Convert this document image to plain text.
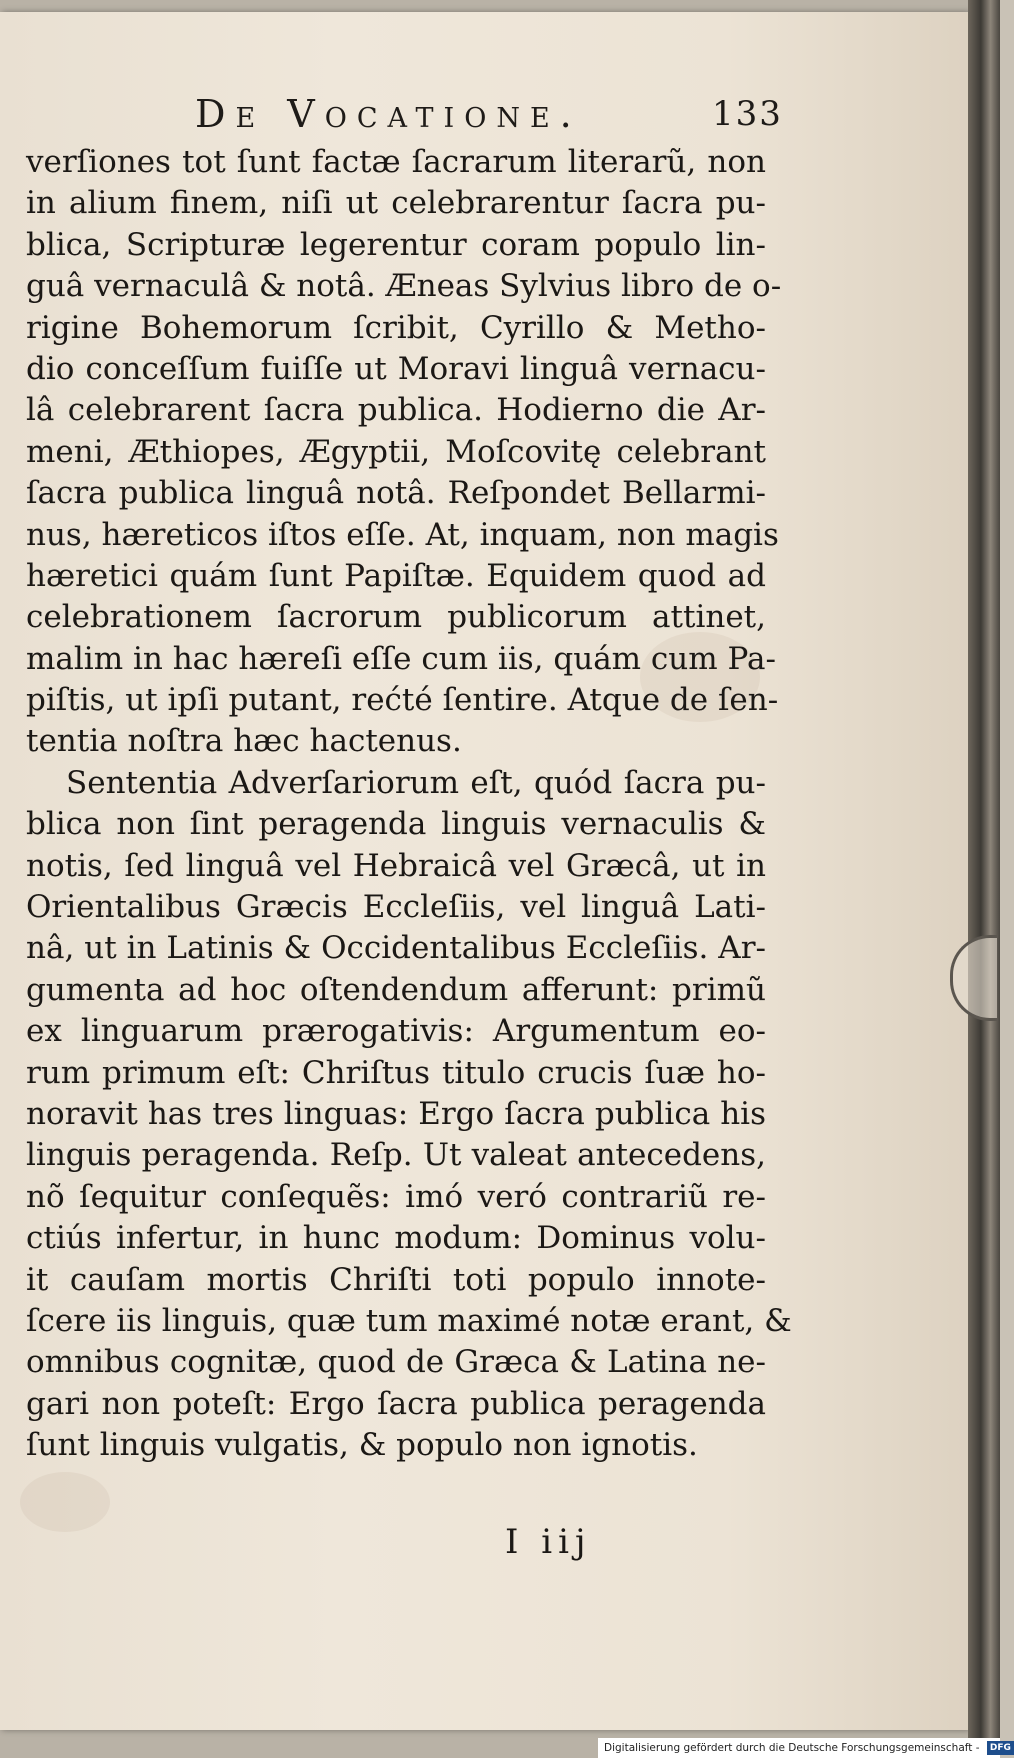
De Vocatione.	133
verſiones tot ſunt factæ ſacrarum literarũ, non
in alium finem, niſi ut celebrarentur ſacra pu-
blica, Scripturæ legerentur coram populo lin-
guâ vernaculâ & notâ. Æneas Sylvius libro de o-
rigine Bohemorum ſcribit, Cyrillo & Metho-
dio conceſſum fuiſſe ut Moravi linguâ vernacu-
lâ celebrarent ſacra publica. Hodierno die Ar-
meni, Æthiopes, Ægyptii, Moſcovitę celebrant
ſacra publica linguâ notâ. Reſpondet Bellarmi-
nus, hæreticos iſtos eſſe. At, inquam, non magis
hæretici quám ſunt Papiſtæ. Equidem quod ad
celebrationem ſacrorum publicorum attinet,
malim in hac hæreſi eſſe cum iis, quám cum Pa-
piſtis, ut ipſi putant, rećté ſentire. Atque de ſen-
tentia noſtra hæc hactenus.
Sententia Adverſariorum eſt, quód ſacra pu-
blica non ſint peragenda linguis vernaculis &
notis, ſed linguâ vel Hebraicâ vel Græcâ, ut in
Orientalibus Græcis Eccleſiis, vel linguâ Lati-
nâ, ut in Latinis & Occidentalibus Eccleſiis. Ar-
gumenta ad hoc oſtendendum afferunt: primũ
ex linguarum prærogativis: Argumentum eo-
rum primum eſt: Chriſtus titulo crucis ſuæ ho-
noravit has tres linguas: Ergo ſacra publica his
linguis peragenda. Reſp. Ut valeat antecedens,
nõ ſequitur conſequẽs: imó veró contrariũ re-
ctiús infertur, in hunc modum: Dominus volu-
it cauſam mortis Chriſti toti populo innote-
ſcere iis linguis, quæ tum maximé notæ erant, &
omnibus cognitæ, quod de Græca & Latina ne-
gari non poteſt: Ergo ſacra publica peragenda
ſunt linguis vulgatis, & populo non ignotis.
I iij
Digitalisierung gefördert durch die Deutsche Forschungsgemeinschaft - DFG
